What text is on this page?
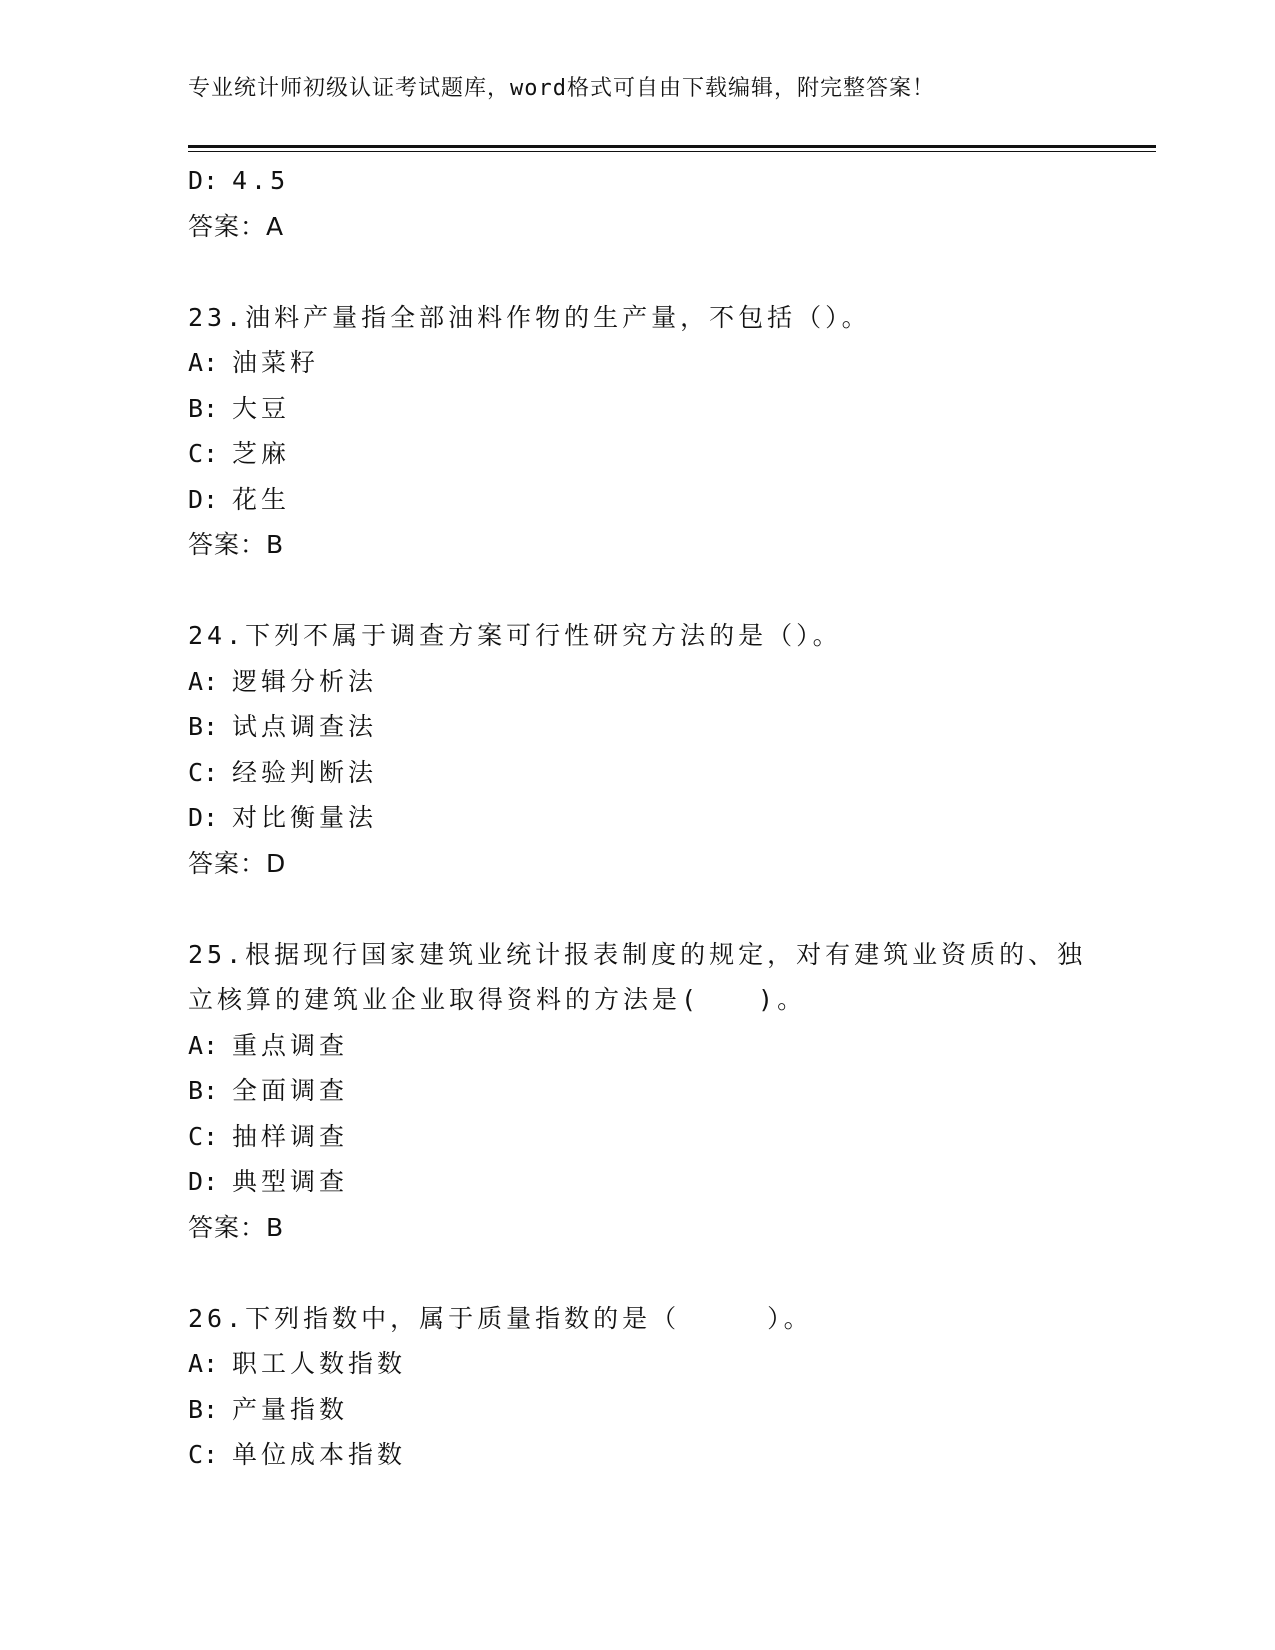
专业统计师初级认证考试题库，word格式可自由下载编辑，附完整答案！
D: 4.5
答案：A
23.油料产量指全部油料作物的生产量，不包括（）。
A: 油菜籽
B: 大豆
C: 芝麻
D: 花生
答案：B
24.下列不属于调查方案可行性研究方法的是（）。
A: 逻辑分析法
B: 试点调查法
C: 经验判断法
D: 对比衡量法
答案：D
25.根据现行国家建筑业统计报表制度的规定，对有建筑业资质的、独
立核算的建筑业企业取得资料的方法是(　　)。
A: 重点调查
B: 全面调查
C: 抽样调查
D: 典型调查
答案：B
26.下列指数中，属于质量指数的是（　　　）。
A: 职工人数指数
B: 产量指数
C: 单位成本指数
